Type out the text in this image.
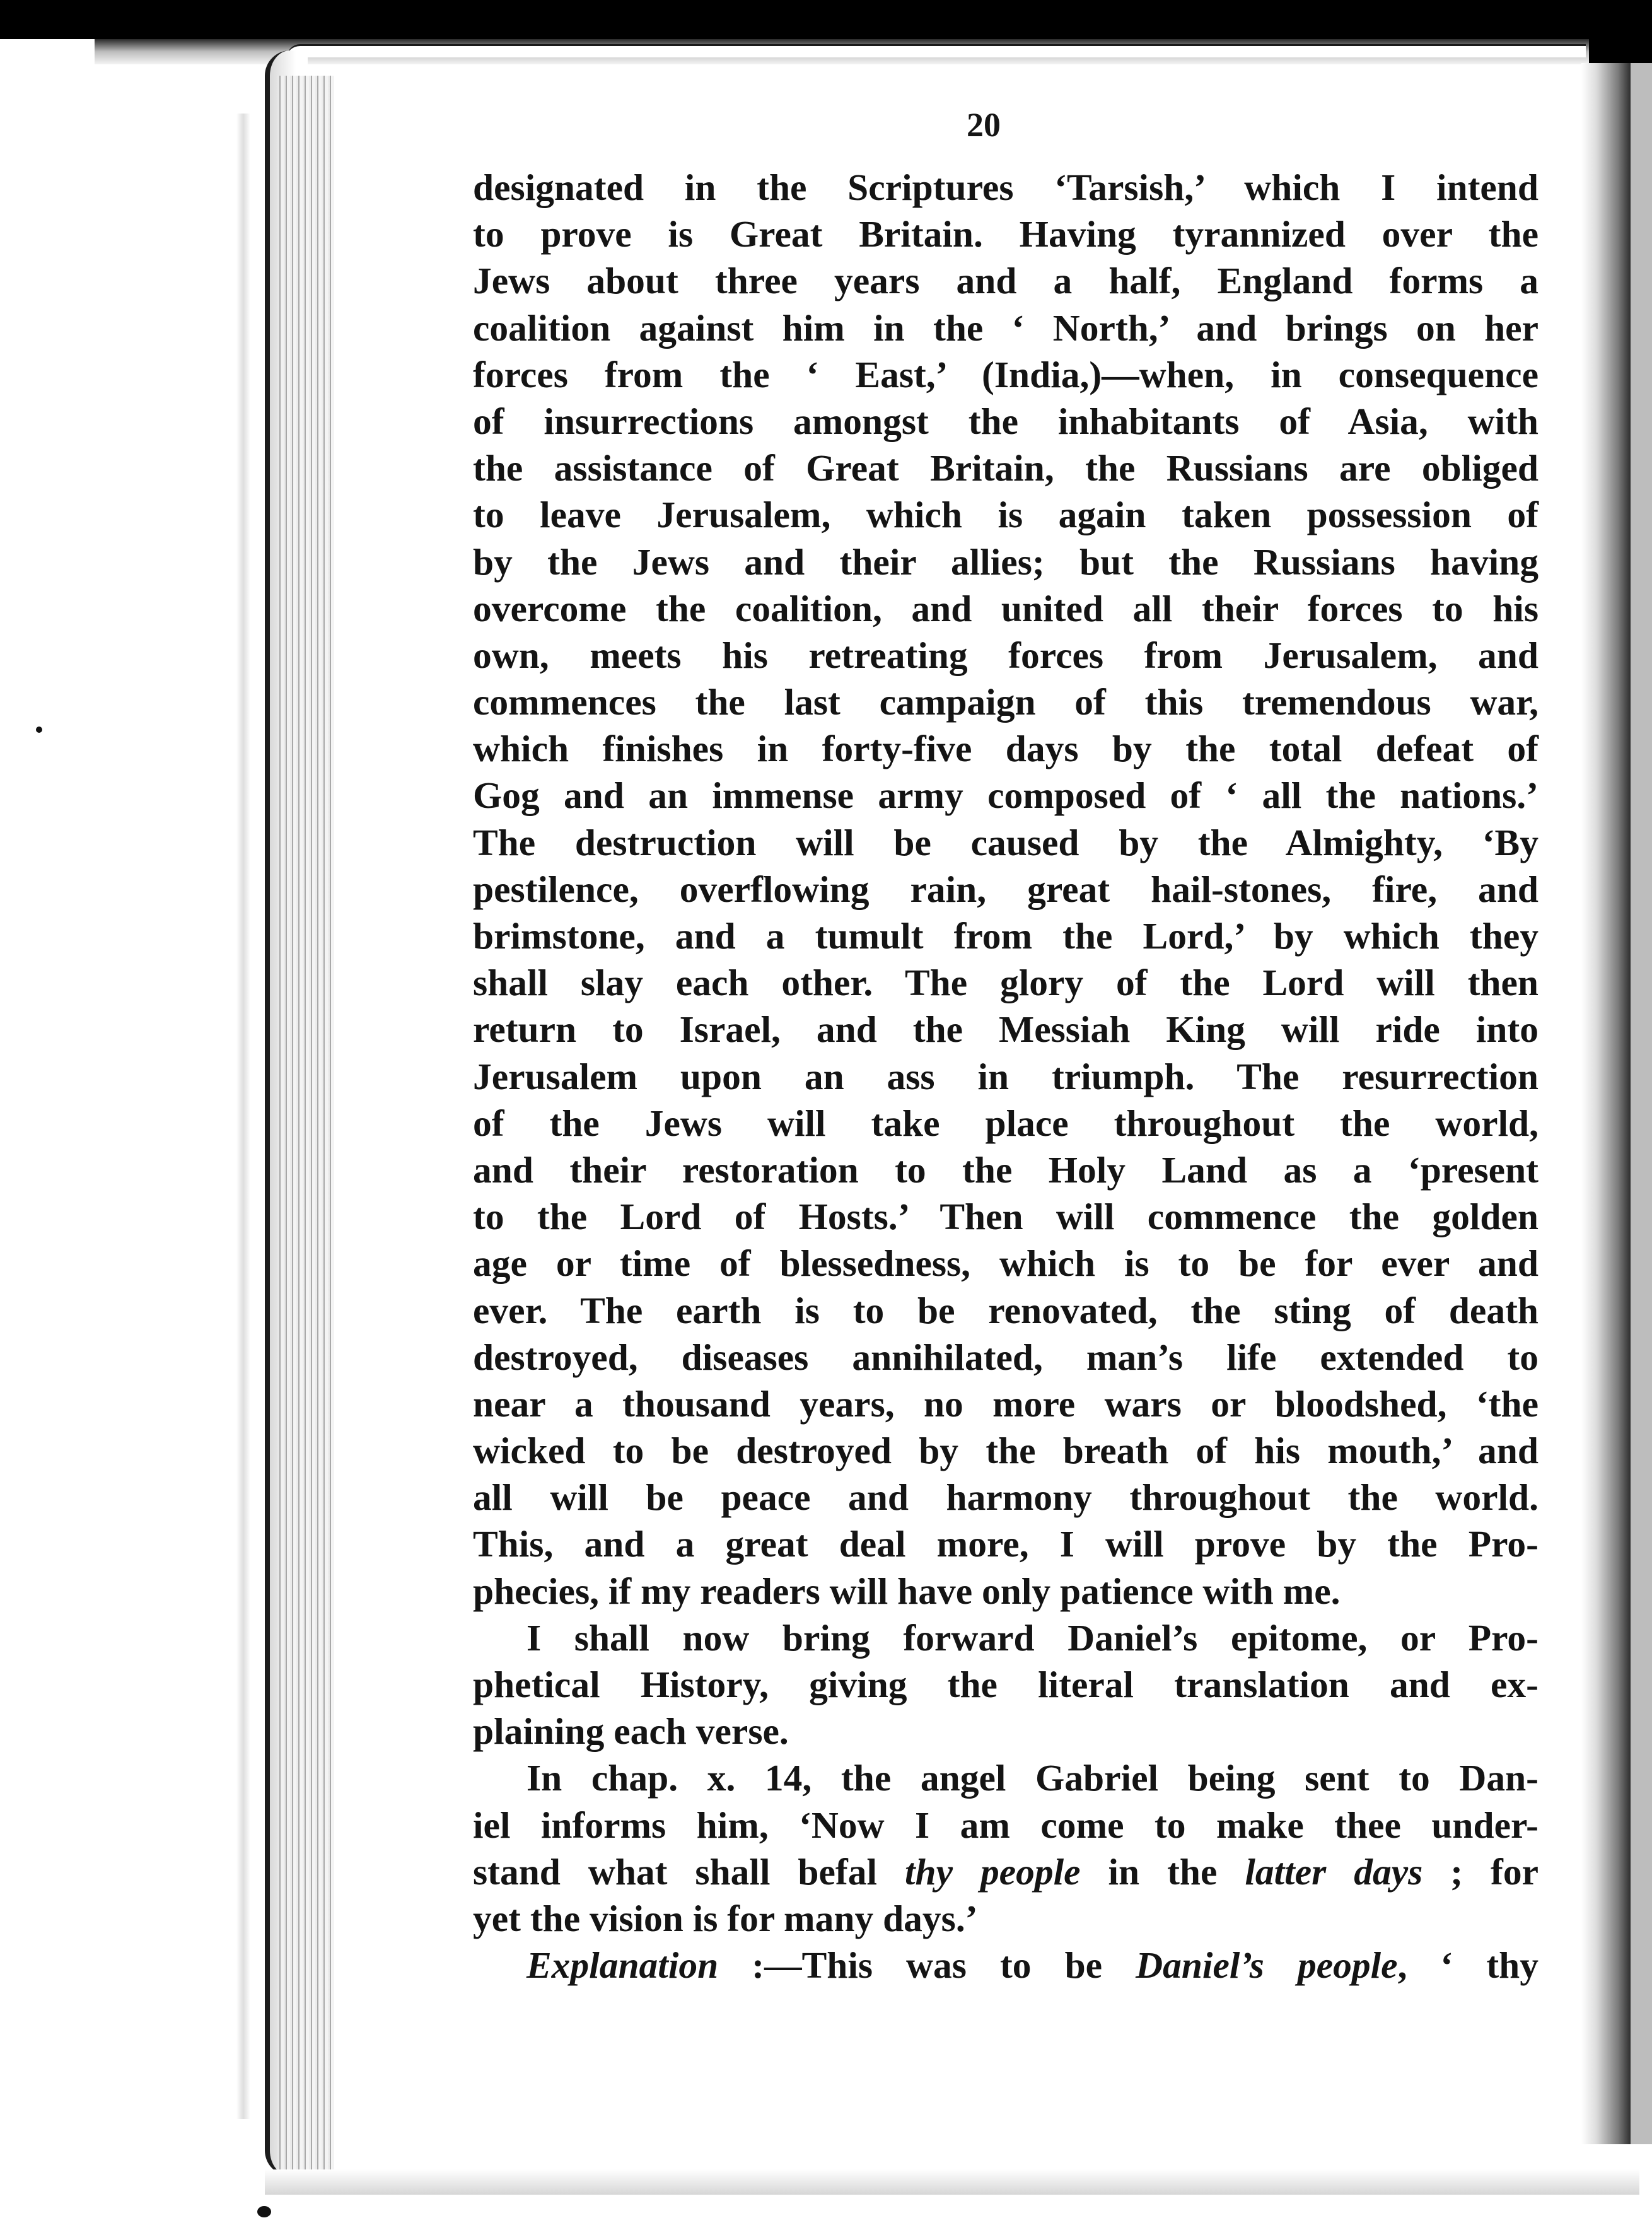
20
designated in the Scriptures ‘Tarsish,’ which I intend
to prove is Great Britain. Having tyrannized over the
Jews about three years and a half, England forms a
coalition against him in the ‘ North,’ and brings on her
forces from the ‘ East,’ (India,)—when, in consequence
of insurrections amongst the inhabitants of Asia, with
the assistance of Great Britain, the Russians are obliged
to leave Jerusalem, which is again taken possession of
by the Jews and their allies; but the Russians having
overcome the coalition, and united all their forces to his
own, meets his retreating forces from Jerusalem, and
commences the last campaign of this tremendous war,
which finishes in forty-five days by the total defeat of
Gog and an immense army composed of ‘ all the nations.’
The destruction will be caused by the Almighty, ‘By
pestilence, overflowing rain, great hail-stones, fire, and
brimstone, and a tumult from the Lord,’ by which they
shall slay each other. The glory of the Lord will then
return to Israel, and the Messiah King will ride into
Jerusalem upon an ass in triumph. The resurrection
of the Jews will take place throughout the world,
and their restoration to the Holy Land as a ‘present
to the Lord of Hosts.’ Then will commence the golden
age or time of blessedness, which is to be for ever and
ever. The earth is to be renovated, the sting of death
destroyed, diseases annihilated, man’s life extended to
near a thousand years, no more wars or bloodshed, ‘the
wicked to be destroyed by the breath of his mouth,’ and
all will be peace and harmony throughout the world.
This, and a great deal more, I will prove by the Pro-
phecies, if my readers will have only patience with me.
I shall now bring forward Daniel’s epitome, or Pro-
phetical History, giving the literal translation and ex-
plaining each verse.
In chap. x. 14, the angel Gabriel being sent to Dan-
iel informs him, ‘Now I am come to make thee under-
stand what shall befal thy people in the latter days ; for
yet the vision is for many days.’
Explanation :—This was to be Daniel’s people, ‘ thy
